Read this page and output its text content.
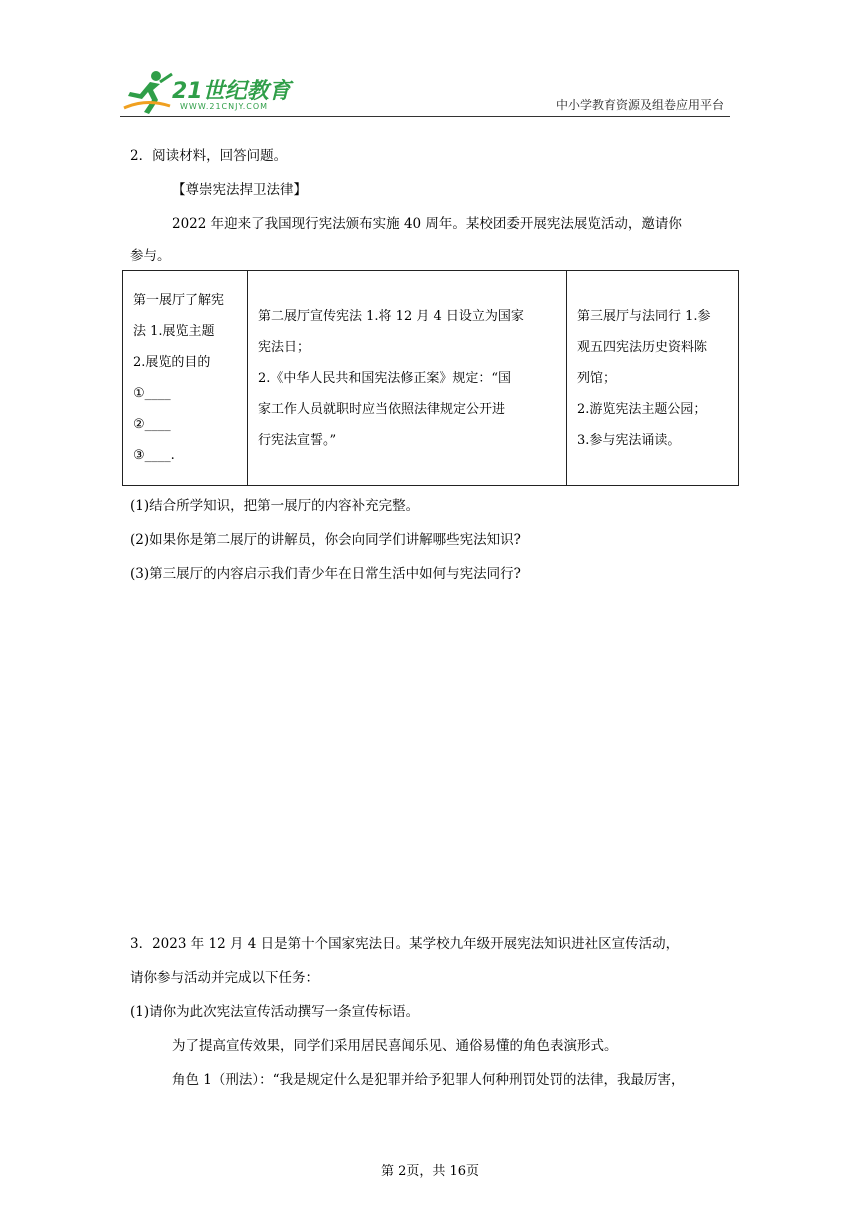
21世纪教育
WWW.21CNJY.COM	中小学教育资源及组卷应用平台
2．阅读材料，回答问题。
【尊崇宪法捍卫法律】
2022 年迎来了我国现行宪法颁布实施 40 周年。某校团委开展宪法展览活动，邀请你
参与。
第一展厅了解宪
法 1.展览主题
2.展览的目的
①____
②____
③____.

第二展厅宣传宪法 1.将 12 月 4 日设立为国家
宪法日；
2.《中华人民共和国宪法修正案》规定：“国
家工作人员就职时应当依照法律规定公开进
行宪法宣誓。”

第三展厅与法同行 1.参
观五四宪法历史资料陈
列馆；
2.游览宪法主题公园；
3.参与宪法诵读。
(1)结合所学知识，把第一展厅的内容补充完整。
(2)如果你是第二展厅的讲解员，你会向同学们讲解哪些宪法知识?
(3)第三展厅的内容启示我们青少年在日常生活中如何与宪法同行?
3．2023 年 12 月 4 日是第十个国家宪法日。某学校九年级开展宪法知识进社区宣传活动，
请你参与活动并完成以下任务：
(1)请你为此次宪法宣传活动撰写一条宣传标语。
为了提高宣传效果，同学们采用居民喜闻乐见、通俗易懂的角色表演形式。
角色 1（刑法）：“我是规定什么是犯罪并给予犯罪人何种刑罚处罚的法律，我最厉害，
第 2页，共 16页
